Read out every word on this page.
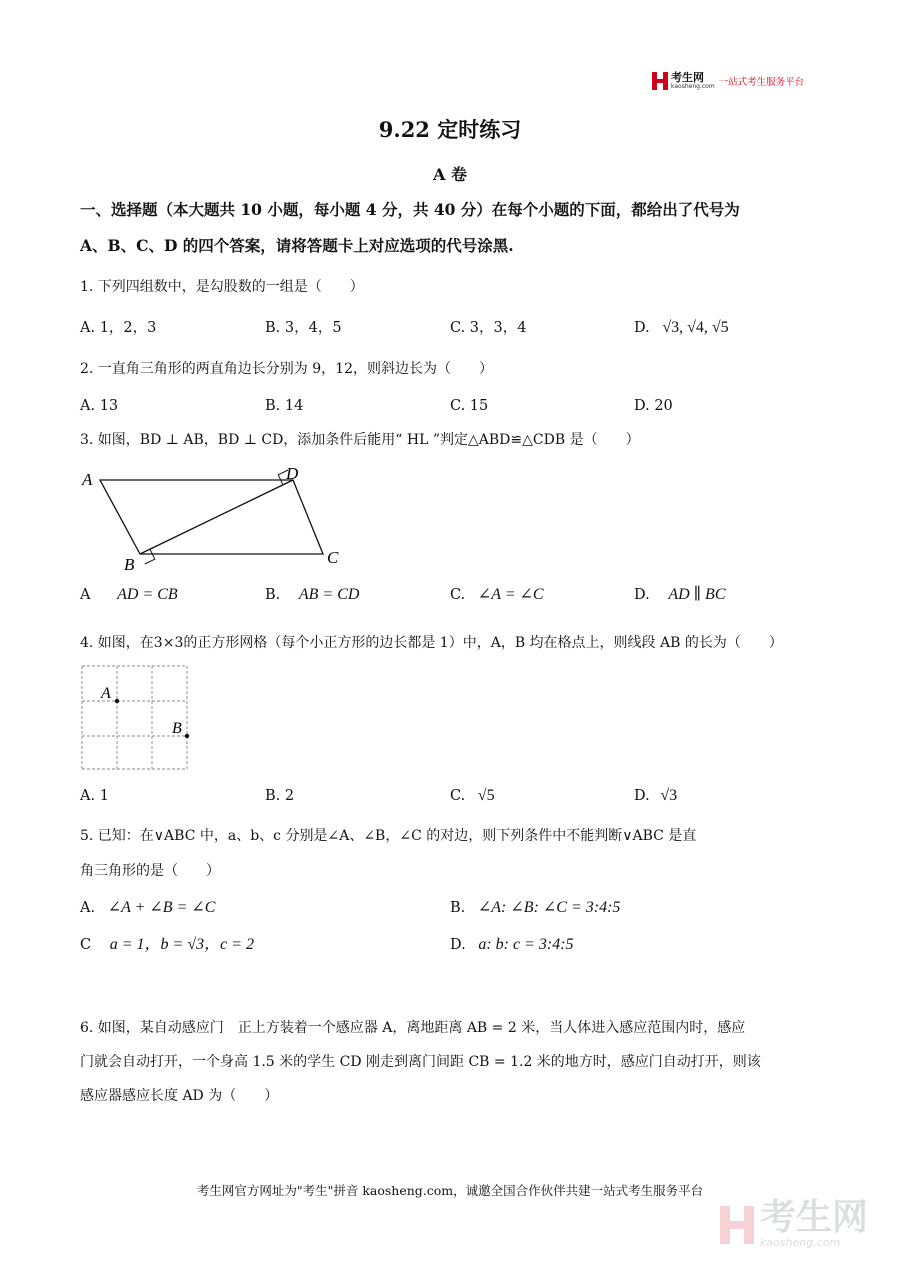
考生网
kaosheng.com 一站式考生服务平台
9.22 定时练习
A 卷
一、选择题（本大题共 10 小题，每小题 4 分，共 40 分）在每个小题的下面，都给出了代号为
A、B、C、D 的四个答案，请将答题卡上对应选项的代号涂黑.
1. 下列四组数中，是勾股数的一组是（　　）
A. 1，2，3	B. 3，4，5	C. 3，3，4	D. √3, √4, √5
2. 一直角三角形的两直角边长分别为 9，12，则斜边长为（　　）
A. 13	B. 14	C. 15	D. 20
3. 如图，BD ⊥ AB，BD ⊥ CD，添加条件后能用“ HL ”判定△ABD≌△CDB 是（　　）
A	D
B	C
A AD = CB	B. AB = CD	C. ∠A = ∠C	D. AD ∥ BC
4. 如图，在3×3的正方形网格（每个小正方形的边长都是 1）中，A，B 均在格点上，则线段 AB 的长为（　　）
A
B
A. 1	B. 2	C. √5	D. √3
5. 已知：在∨ABC 中，a、b、c 分别是∠A、∠B，∠C 的对边，则下列条件中不能判断∨ABC 是直
角三角形的是（　　）
A. ∠A + ∠B = ∠C	B. ∠A: ∠B: ∠C = 3:4:5
C a = 1，b = √3，c = 2	D. a: b: c = 3:4:5
6. 如图，某自动感应门　正上方装着一个感应器 A，离地距离 AB = 2 米，当人体进入感应范围内时，感应
门就会自动打开，一个身高 1.5 米的学生 CD 刚走到离门间距 CB = 1.2 米的地方时，感应门自动打开，则该
感应器感应长度 AD 为（　　）
考生网官方网址为"考生"拼音 kaosheng.com，诚邀全国合作伙伴共建一站式考生服务平台
考生网
kaosheng.com
